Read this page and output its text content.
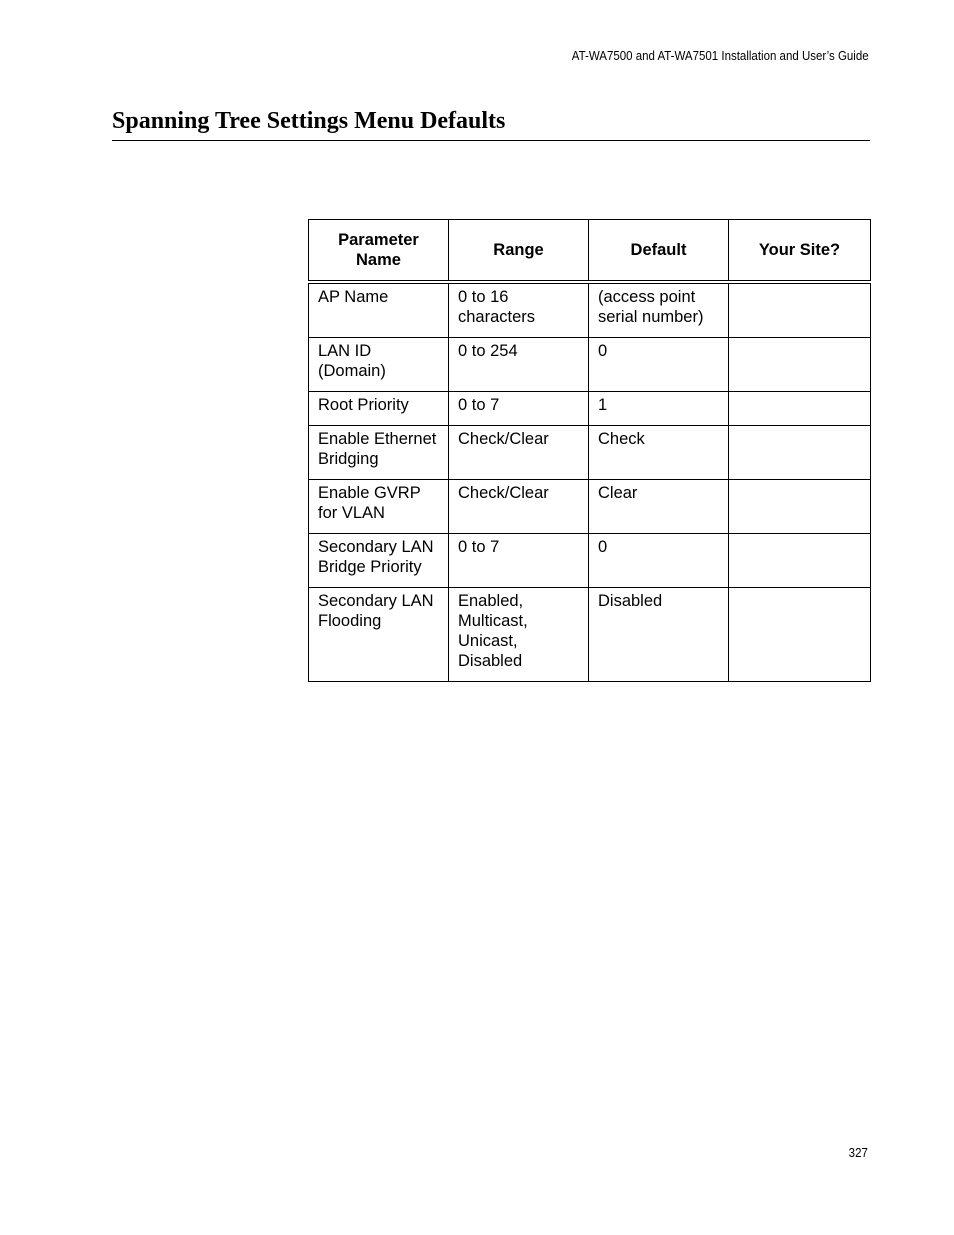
AT-WA7500 and AT-WA7501 Installation and User’s Guide
Spanning Tree Settings Menu Defaults
Parameter Name	Range	Default	Your Site?
AP Name	0 to 16 characters	(access point serial number)	
LAN ID (Domain)	0 to 254	0	
Root Priority	0 to 7	1	
Enable Ethernet Bridging	Check/Clear	Check	
Enable GVRP for VLAN	Check/Clear	Clear	
Secondary LAN Bridge Priority	0 to 7	0	
Secondary LAN Flooding	Enabled, Multicast, Unicast, Disabled	Disabled	
327
